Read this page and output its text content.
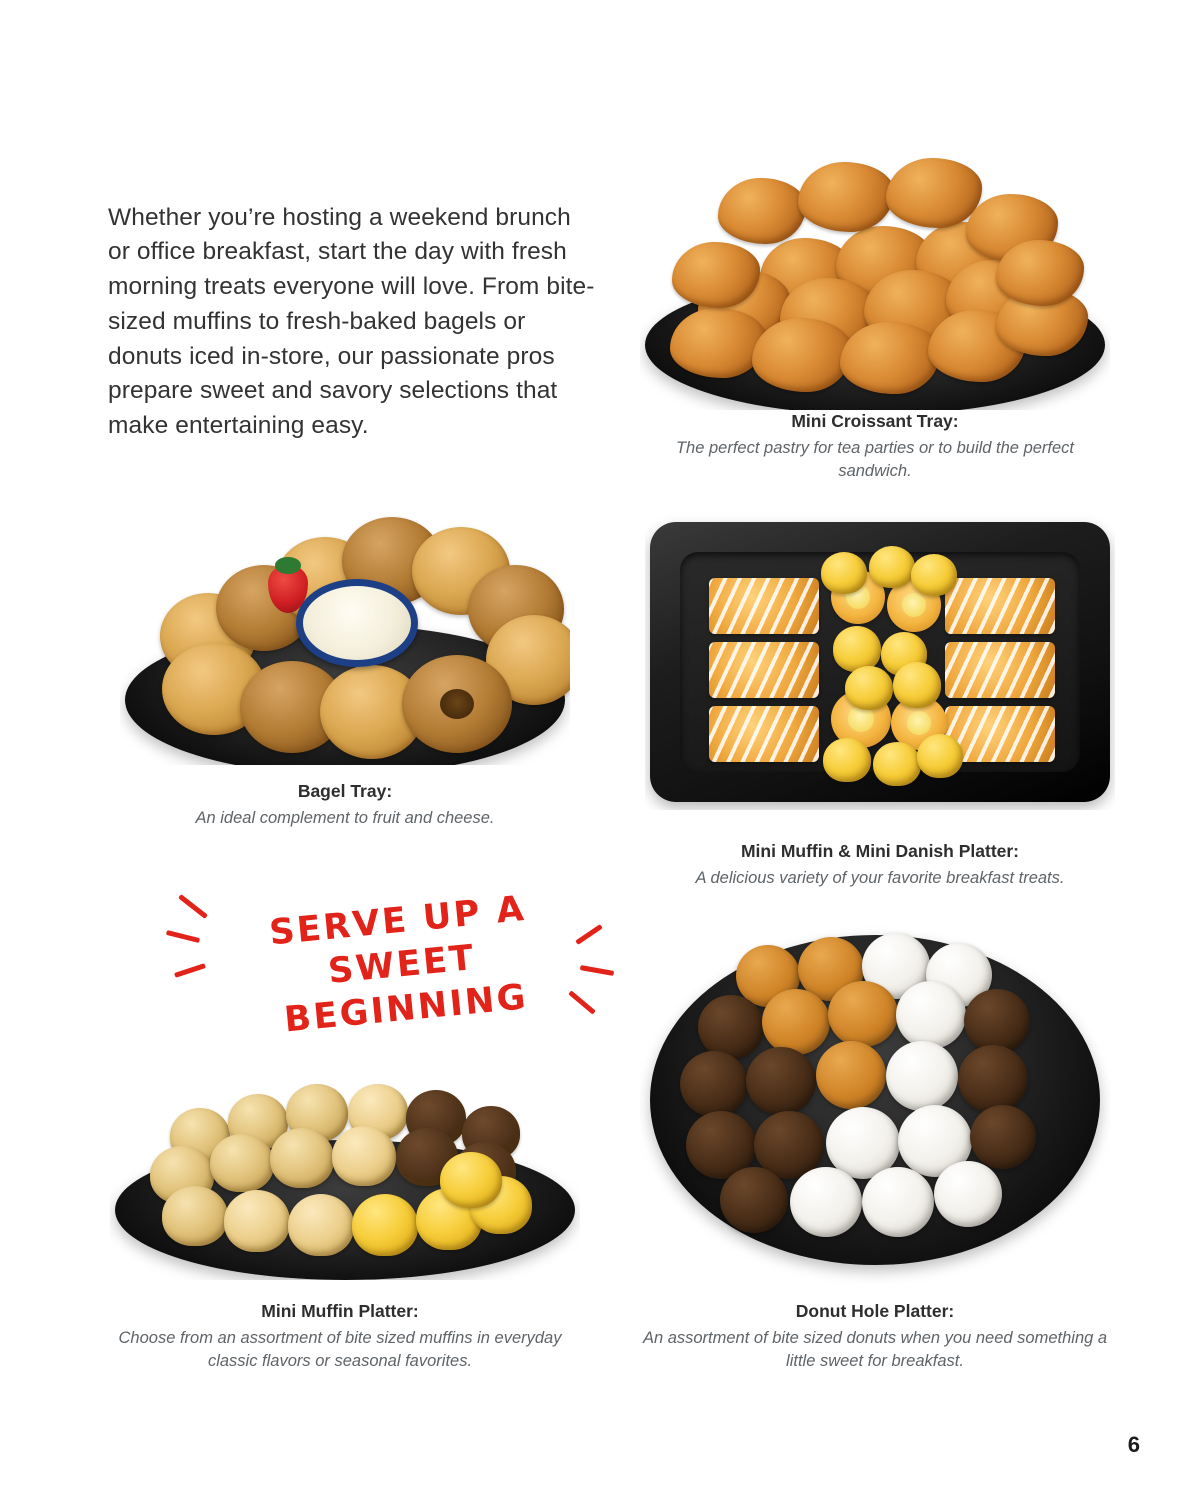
Whether you’re hosting a weekend brunch or office breakfast, start the day with fresh morning treats everyone will love. From bite-sized muffins to fresh-baked bagels or donuts iced in-store, our passionate pros prepare sweet and savory selections that make entertaining easy.	Mini Croissant Tray:
The perfect pastry for tea parties or to build the perfect sandwich.
Bagel Tray:
An ideal complement to fruit and cheese.
Mini Muffin & Mini Danish Platter:
A delicious variety of your favorite breakfast treats.
SERVE UP A SWEET BEGINNING
Mini Muffin Platter:
Choose from an assortment of bite sized muffins in everyday classic flavors or seasonal favorites.
Donut Hole Platter:
An assortment of bite sized donuts when you need something a little sweet for breakfast.
6
